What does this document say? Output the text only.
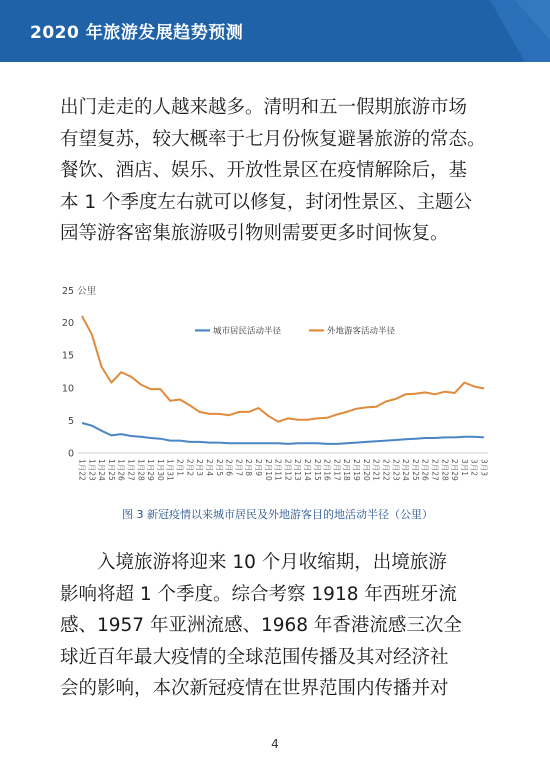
2020 年旅游发展趋势预测
出门走走的人越来越多。清明和五一假期旅游市场
有望复苏，较大概率于七月份恢复避暑旅游的常态。
餐饮、酒店、娱乐、开放性景区在疫情解除后，基
本 1 个季度左右就可以修复，封闭性景区、主题公
园等游客密集旅游吸引物则需要更多时间恢复。
25 公里
0
5
10
15
20
1月22 1月23 1月24 1月25 1月26 1月27 1月28 1月29 1月30 1月31 2月1 2月2 2月3 2月4 2月5 2月6 2月7 2月8 2月9 2月10 2月11 2月12 2月13 2月14 2月15 2月16 2月17 2月18 2月19 2月20 2月21 2月22 2月23 2月24 2月25 2月26 2月27 2月28 2月29 3月1 3月2 3月3
城市居民活动半径	外地游客活动半径
图 3 新冠疫情以来城市居民及外地游客目的地活动半径（公里）
入境旅游将迎来 10 个月收缩期，出境旅游
影响将超 1 个季度。综合考察 1918 年西班牙流
感、1957 年亚洲流感、1968 年香港流感三次全
球近百年最大疫情的全球范围传播及其对经济社
会的影响，本次新冠疫情在世界范围内传播并对
4
